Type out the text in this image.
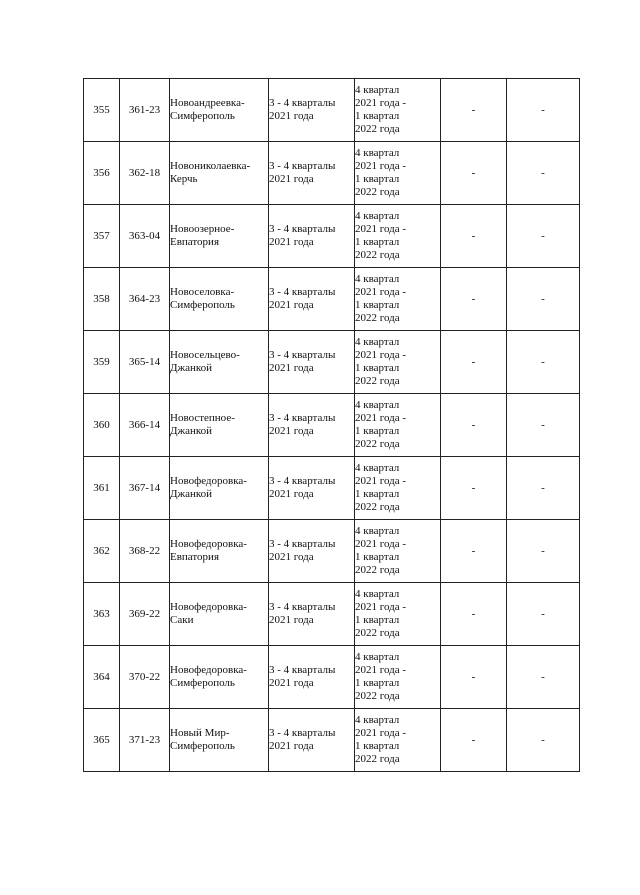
355	361-23	Новоандреевка-
Симферополь	3 - 4 кварталы
2021 года	4 квартал
2021 года -
1 квартал
2022 года	-	-

356	362-18	Новониколаевка-
Керчь	3 - 4 кварталы
2021 года	4 квартал
2021 года -
1 квартал
2022 года	-	-

357	363-04	Новоозерное-
Евпатория	3 - 4 кварталы
2021 года	4 квартал
2021 года -
1 квартал
2022 года	-	-

358	364-23	Новоселовка-
Симферополь	3 - 4 кварталы
2021 года	4 квартал
2021 года -
1 квартал
2022 года	-	-

359	365-14	Новосельцево-
Джанкой	3 - 4 кварталы
2021 года	4 квартал
2021 года -
1 квартал
2022 года	-	-

360	366-14	Новостепное-
Джанкой	3 - 4 кварталы
2021 года	4 квартал
2021 года -
1 квартал
2022 года	-	-

361	367-14	Новофедоровка-
Джанкой	3 - 4 кварталы
2021 года	4 квартал
2021 года -
1 квартал
2022 года	-	-

362	368-22	Новофедоровка-
Евпатория	3 - 4 кварталы
2021 года	4 квартал
2021 года -
1 квартал
2022 года	-	-

363	369-22	Новофедоровка-
Саки	3 - 4 кварталы
2021 года	4 квартал
2021 года -
1 квартал
2022 года	-	-

364	370-22	Новофедоровка-
Симферополь	3 - 4 кварталы
2021 года	4 квартал
2021 года -
1 квартал
2022 года	-	-

365	371-23	Новый Мир-
Симферополь	3 - 4 кварталы
2021 года	4 квартал
2021 года -
1 квартал
2022 года	-	-
